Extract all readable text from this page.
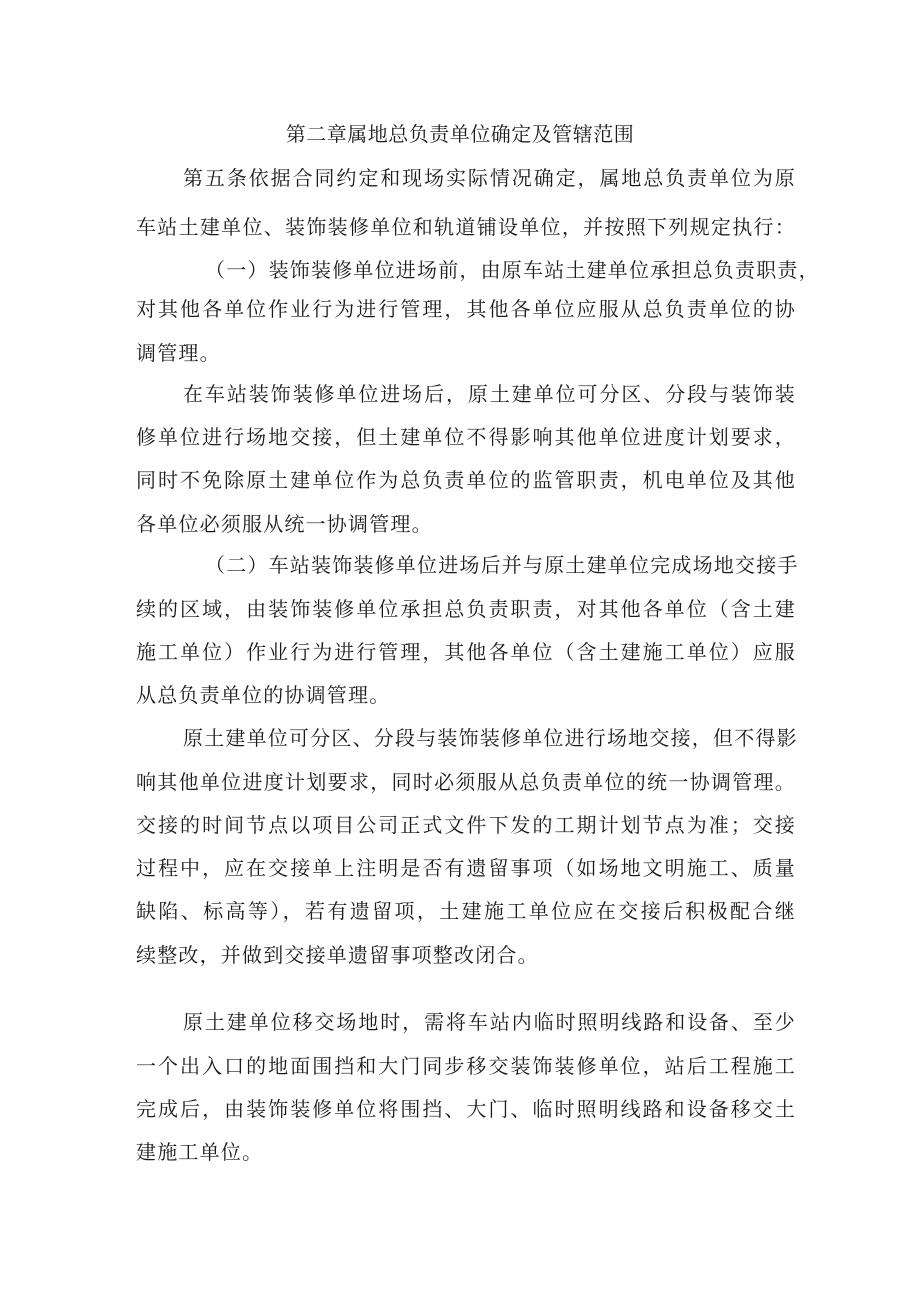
第二章属地总负责单位确定及管辖范围
第五条依据合同约定和现场实际情况确定，属地总负责单位为原
车站土建单位、装饰装修单位和轨道铺设单位，并按照下列规定执行：
（一）装饰装修单位进场前，由原车站土建单位承担总负责职责，
对其他各单位作业行为进行管理，其他各单位应服从总负责单位的协
调管理。
在车站装饰装修单位进场后，原土建单位可分区、分段与装饰装
修单位进行场地交接，但土建单位不得影响其他单位进度计划要求，
同时不免除原土建单位作为总负责单位的监管职责，机电单位及其他
各单位必须服从统一协调管理。
（二）车站装饰装修单位进场后并与原土建单位完成场地交接手
续的区域，由装饰装修单位承担总负责职责，对其他各单位（含土建
施工单位）作业行为进行管理，其他各单位（含土建施工单位）应服
从总负责单位的协调管理。
原土建单位可分区、分段与装饰装修单位进行场地交接，但不得影
响其他单位进度计划要求，同时必须服从总负责单位的统一协调管理。
交接的时间节点以项目公司正式文件下发的工期计划节点为准；交接
过程中，应在交接单上注明是否有遗留事项（如场地文明施工、质量
缺陷、标高等），若有遗留项，土建施工单位应在交接后积极配合继
续整改，并做到交接单遗留事项整改闭合。
原土建单位移交场地时，需将车站内临时照明线路和设备、至少
一个出入口的地面围挡和大门同步移交装饰装修单位，站后工程施工
完成后，由装饰装修单位将围挡、大门、临时照明线路和设备移交土
建施工单位。
